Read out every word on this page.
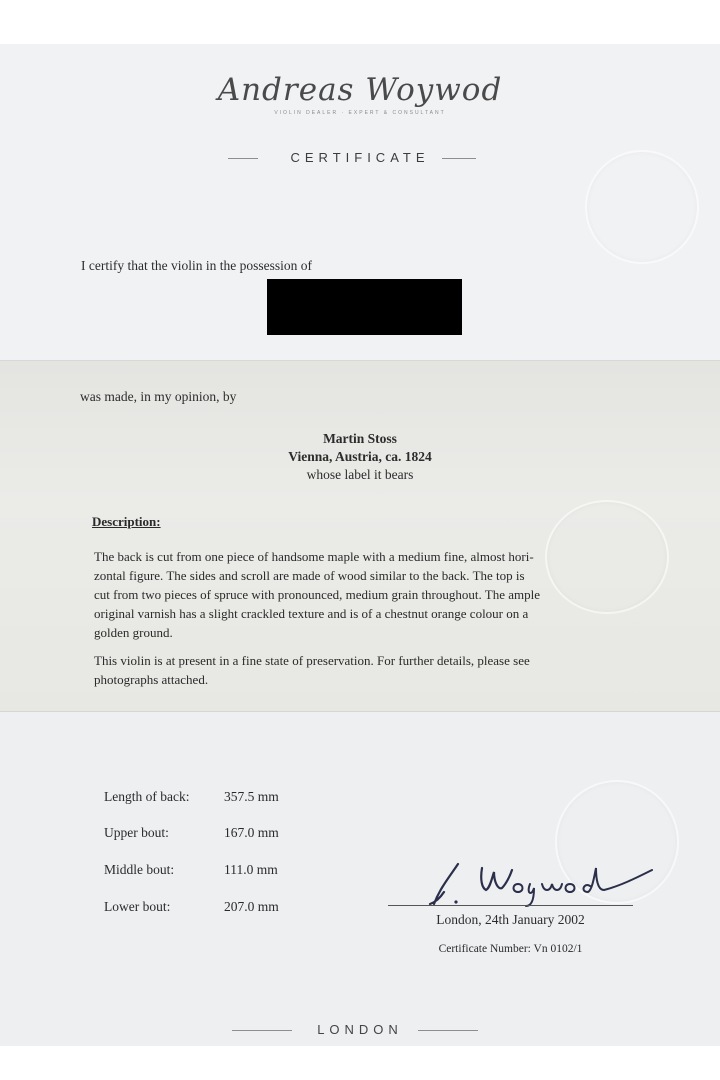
Andreas Woywod
VIOLIN DEALER · EXPERT & CONSULTANT
CERTIFICATE
I certify that the violin in the possession of
was made, in my opinion, by
Martin Stoss
Vienna, Austria, ca. 1824
whose label it bears
Description:
The back is cut from one piece of handsome maple with a medium fine, almost hori-
zontal figure. The sides and scroll are made of wood similar to the back. The top is
cut from two pieces of spruce with pronounced, medium grain throughout. The ample
original varnish has a slight crackled texture and is of a chestnut orange colour on a
golden ground.
This violin is at present in a fine state of preservation. For further details, please see
photographs attached.
Length of back:	357.5 mm
Upper bout:	167.0 mm
Middle bout:	111.0 mm
Lower bout:	207.0 mm
London, 24th January 2002
Certificate Number: Vn 0102/1
LONDON
